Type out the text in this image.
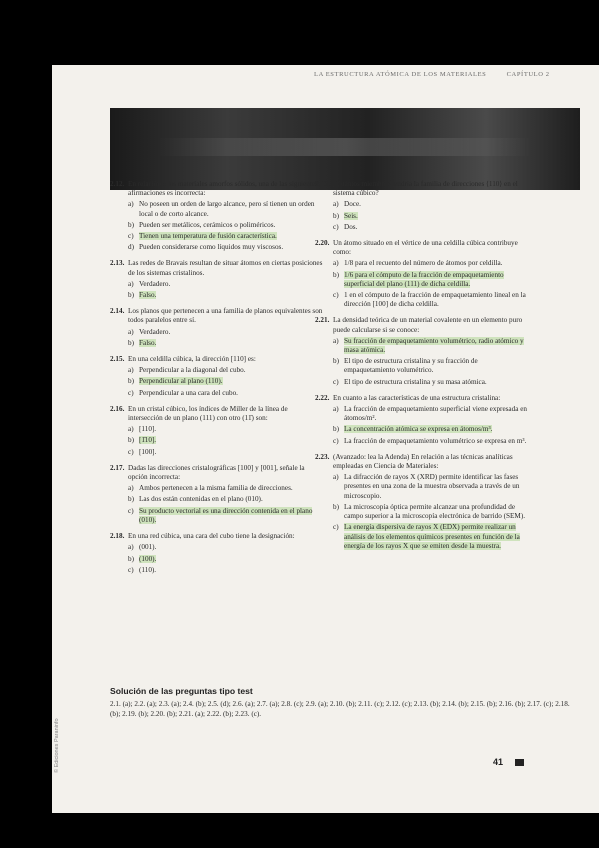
LA ESTRUCTURA ATÓMICA DE LOS MATERIALES	CAPÍTULO 2
© Ediciones Paraninfo
2.12. En relación a los materiales amorfos sólidos, una de las siguientes afirmaciones es incorrecta:
a) No poseen un orden de largo alcance, pero sí tienen un orden local o de corto alcance.
b) Pueden ser metálicos, cerámicos o poliméricos.
c) Tienen una temperatura de fusión característica.
d) Pueden considerarse como líquidos muy viscosos.
2.13. Las redes de Bravais resultan de situar átomos en ciertas posiciones de los sistemas cristalinos.
a) Verdadero.
b) Falso.
2.14. Los planos que pertenecen a una familia de planos equivalentes son todos paralelos entre sí.
a) Verdadero.
b) Falso.
2.15. En una celdilla cúbica, la dirección [110] es:
a) Perpendicular a la diagonal del cubo.
b) Perpendicular al plano (110).
c) Perpendicular a una cara del cubo.
2.16. En un cristal cúbico, los índices de Miller de la línea de intersección de un plano (111) con otro (11̄) son:
a) [110].
b) [1̄10].
c) [100].
2.17. Dadas las direcciones cristalográficas [100] y [001], señale la opción incorrecta:
a) Ambos pertenecen a la misma familia de direcciones.
b) Las dos están contenidas en el plano (010).
c) Su producto vectorial es una dirección contenida en el plano (010).
2.18. En una red cúbica, una cara del cubo tiene la designación:
a) (001).
b) (100).
c) (110).
2.19. ¿Cuántos miembros tendría la familia de direcciones ⟨110⟩ en el sistema cúbico?
a) Doce.
b) Seis.
c) Dos.
2.20. Un átomo situado en el vértice de una celdilla cúbica contribuye como:
a) 1/8 para el recuento del número de átomos por celdilla.
b) 1/6 para el cómputo de la fracción de empaquetamiento superficial del plano (111) de dicha celdilla.
c) 1 en el cómputo de la fracción de empaquetamiento lineal en la dirección [100] de dicha celdilla.
2.21. La densidad teórica de un material covalente en un elemento puro puede calcularse si se conoce:
a) Su fracción de empaquetamiento volumétrico, radio atómico y masa atómica.
b) El tipo de estructura cristalina y su fracción de empaquetamiento volumétrico.
c) El tipo de estructura cristalina y su masa atómica.
2.22. En cuanto a las características de una estructura cristalina:
a) La fracción de empaquetamiento superficial viene expresada en átomos/m².
b) La concentración atómica se expresa en átomos/m³.
c) La fracción de empaquetamiento volumétrico se expresa en m³.
2.23. (Avanzado: lea la Adenda) En relación a las técnicas analíticas empleadas en Ciencia de Materiales:
a) La difracción de rayos X (XRD) permite identificar las fases presentes en una zona de la muestra observada a través de un microscopio.
b) La microscopía óptica permite alcanzar una profundidad de campo superior a la microscopía electrónica de barrido (SEM).
c) La energía dispersiva de rayos X (EDX) permite realizar un análisis de los elementos químicos presentes en función de la energía de los rayos X que se emiten desde la muestra.
Solución de las preguntas tipo test

2.1. (a); 2.2. (a); 2.3. (a); 2.4. (b); 2.5. (d); 2.6. (a); 2.7. (a); 2.8. (c); 2.9. (a); 2.10. (b); 2.11. (c); 2.12. (c); 2.13. (b); 2.14. (b); 2.15. (b); 2.16. (b); 2.17. (c); 2.18. (b); 2.19. (b); 2.20. (b); 2.21. (a); 2.22. (b); 2.23. (c).

41
